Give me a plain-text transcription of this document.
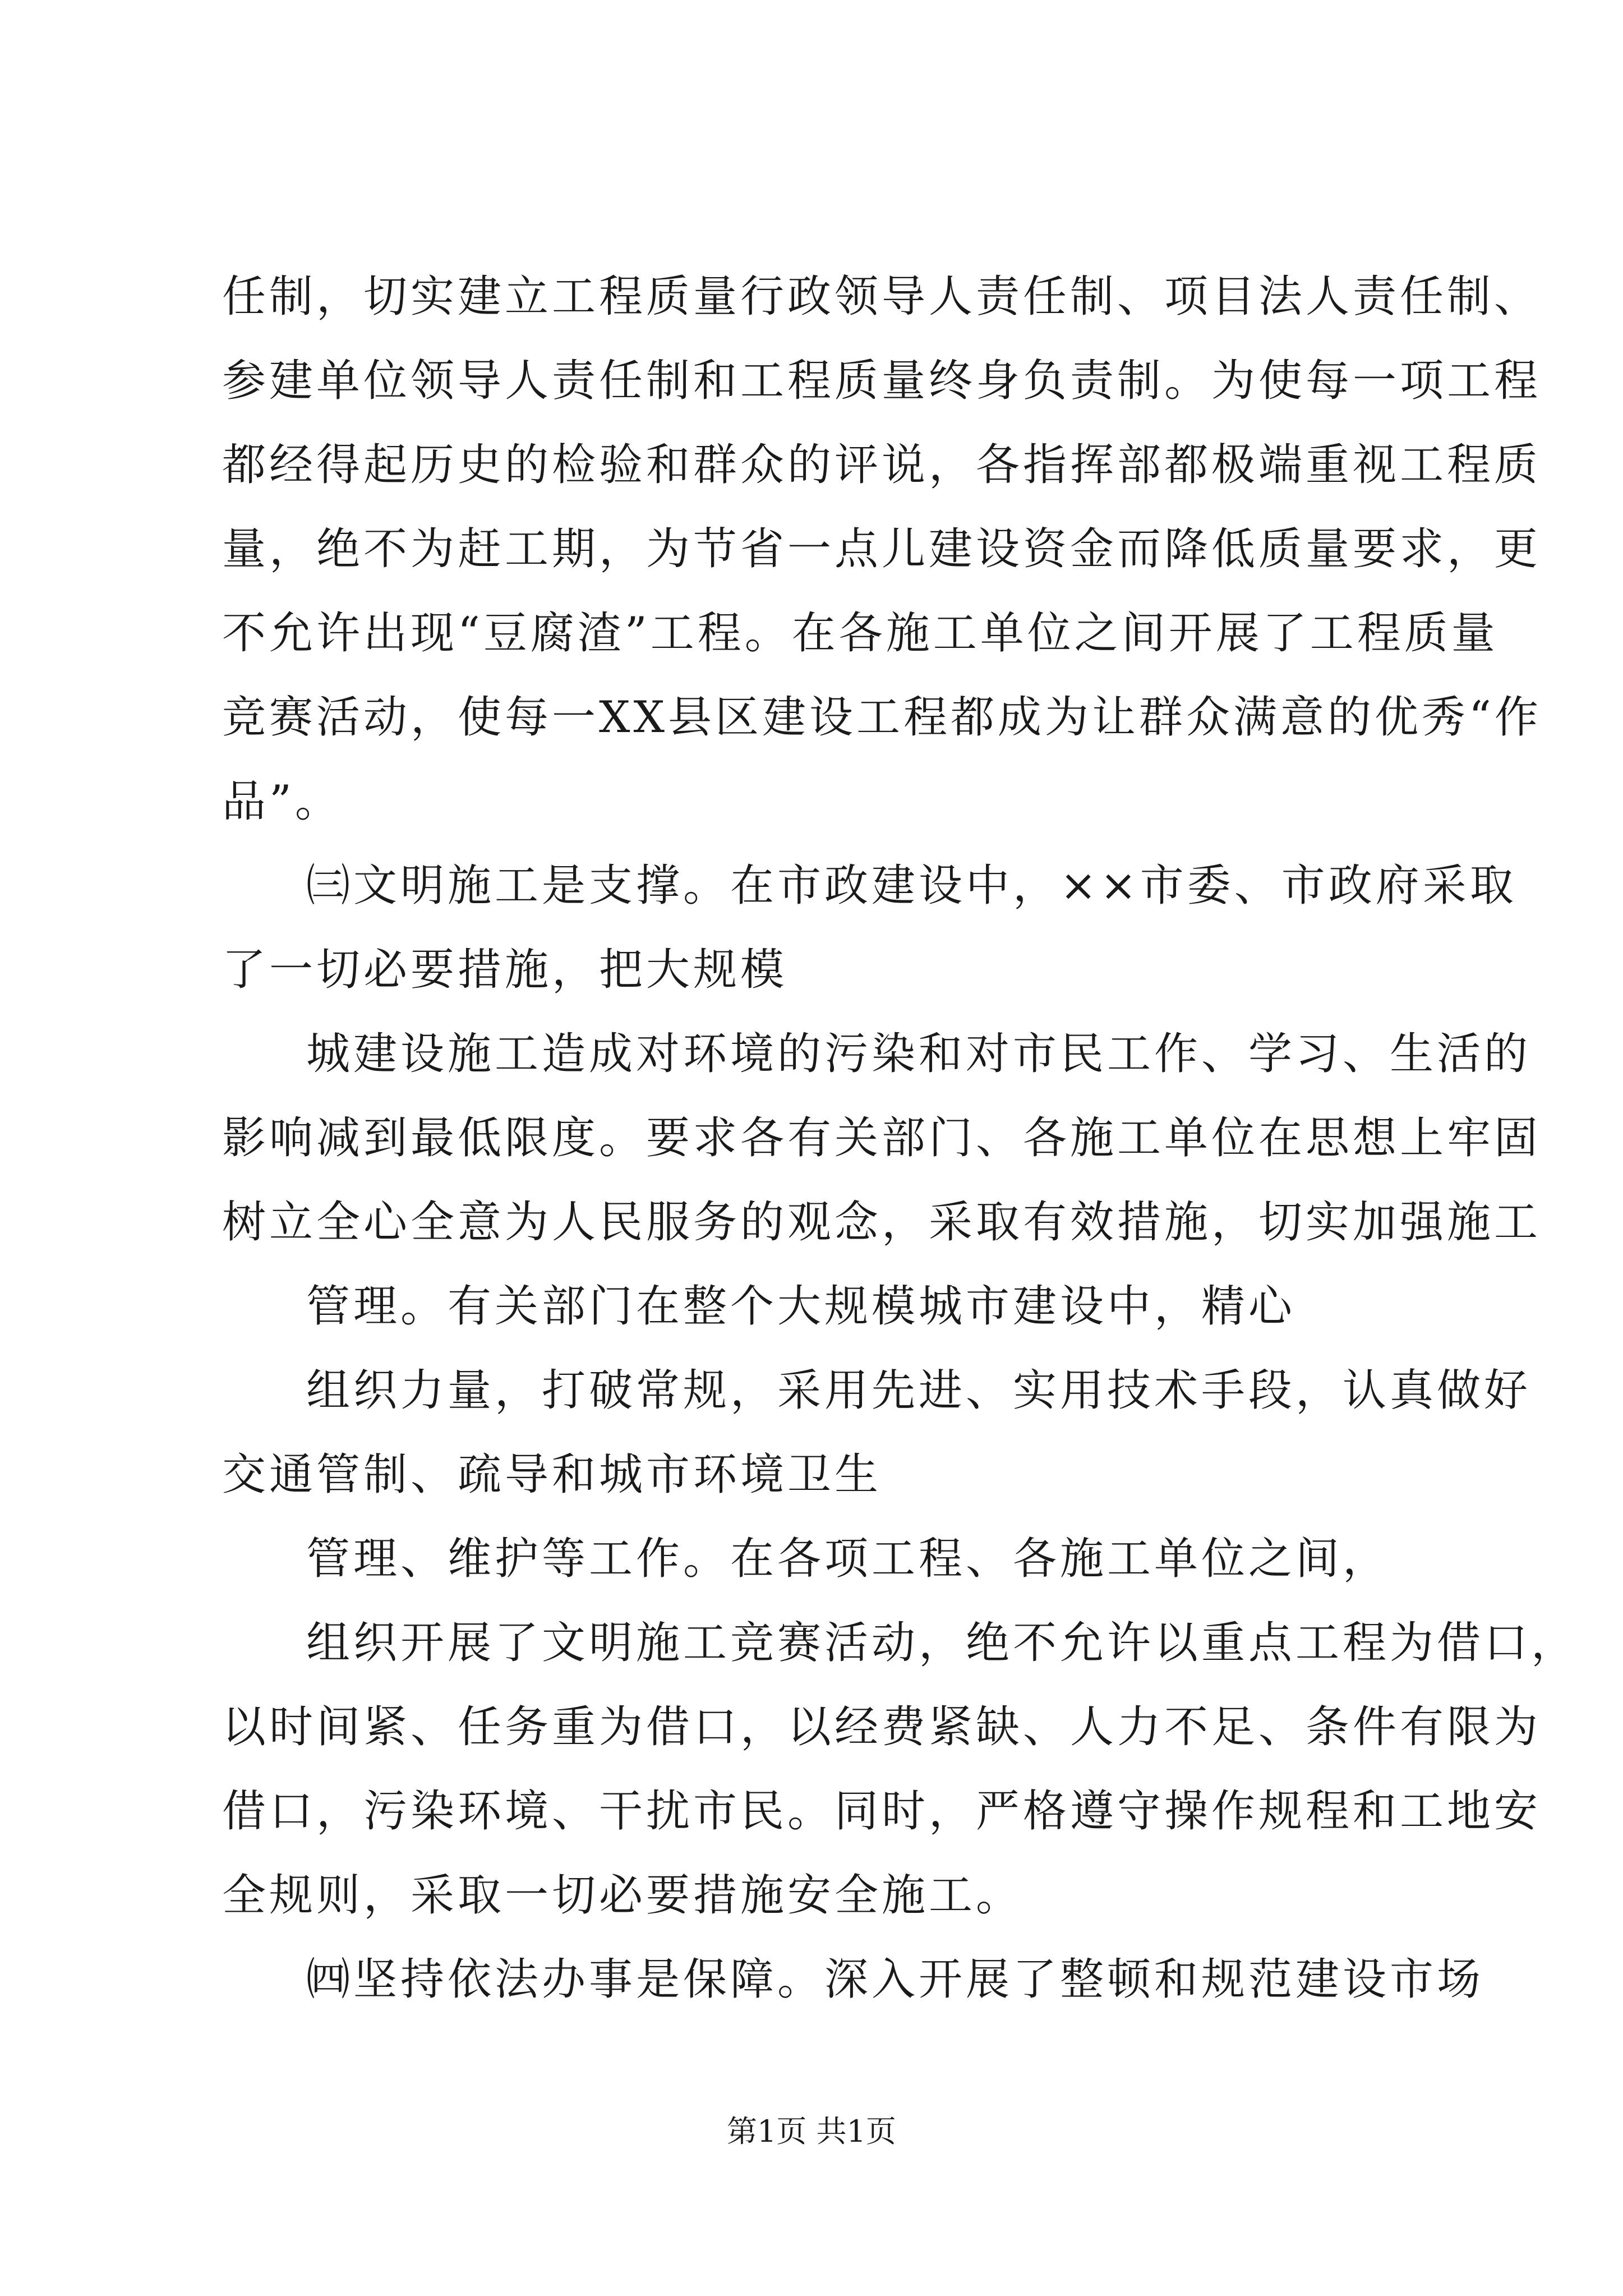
任制，切实建立工程质量行政领导人责任制、项目法人责任制、
参建单位领导人责任制和工程质量终身负责制。为使每一项工程
都经得起历史的检验和群众的评说，各指挥部都极端重视工程质
量，绝不为赶工期，为节省一点儿建设资金而降低质量要求，更
不允许出现“豆腐渣”工程。在各施工单位之间开展了工程质量
竞赛活动，使每一XX县区建设工程都成为让群众满意的优秀“作
品”。
㈢文明施工是支撑。在市政建设中，××市委、市政府采取
了一切必要措施，把大规模
城建设施工造成对环境的污染和对市民工作、学习、生活的
影响减到最低限度。要求各有关部门、各施工单位在思想上牢固
树立全心全意为人民服务的观念，采取有效措施，切实加强施工
管理。有关部门在整个大规模城市建设中，精心
组织力量，打破常规，采用先进、实用技术手段，认真做好
交通管制、疏导和城市环境卫生
管理、维护等工作。在各项工程、各施工单位之间，
组织开展了文明施工竞赛活动，绝不允许以重点工程为借口，
以时间紧、任务重为借口，以经费紧缺、人力不足、条件有限为
借口，污染环境、干扰市民。同时，严格遵守操作规程和工地安
全规则，采取一切必要措施安全施工。
㈣坚持依法办事是保障。深入开展了整顿和规范建设市场
第1页 共1页
